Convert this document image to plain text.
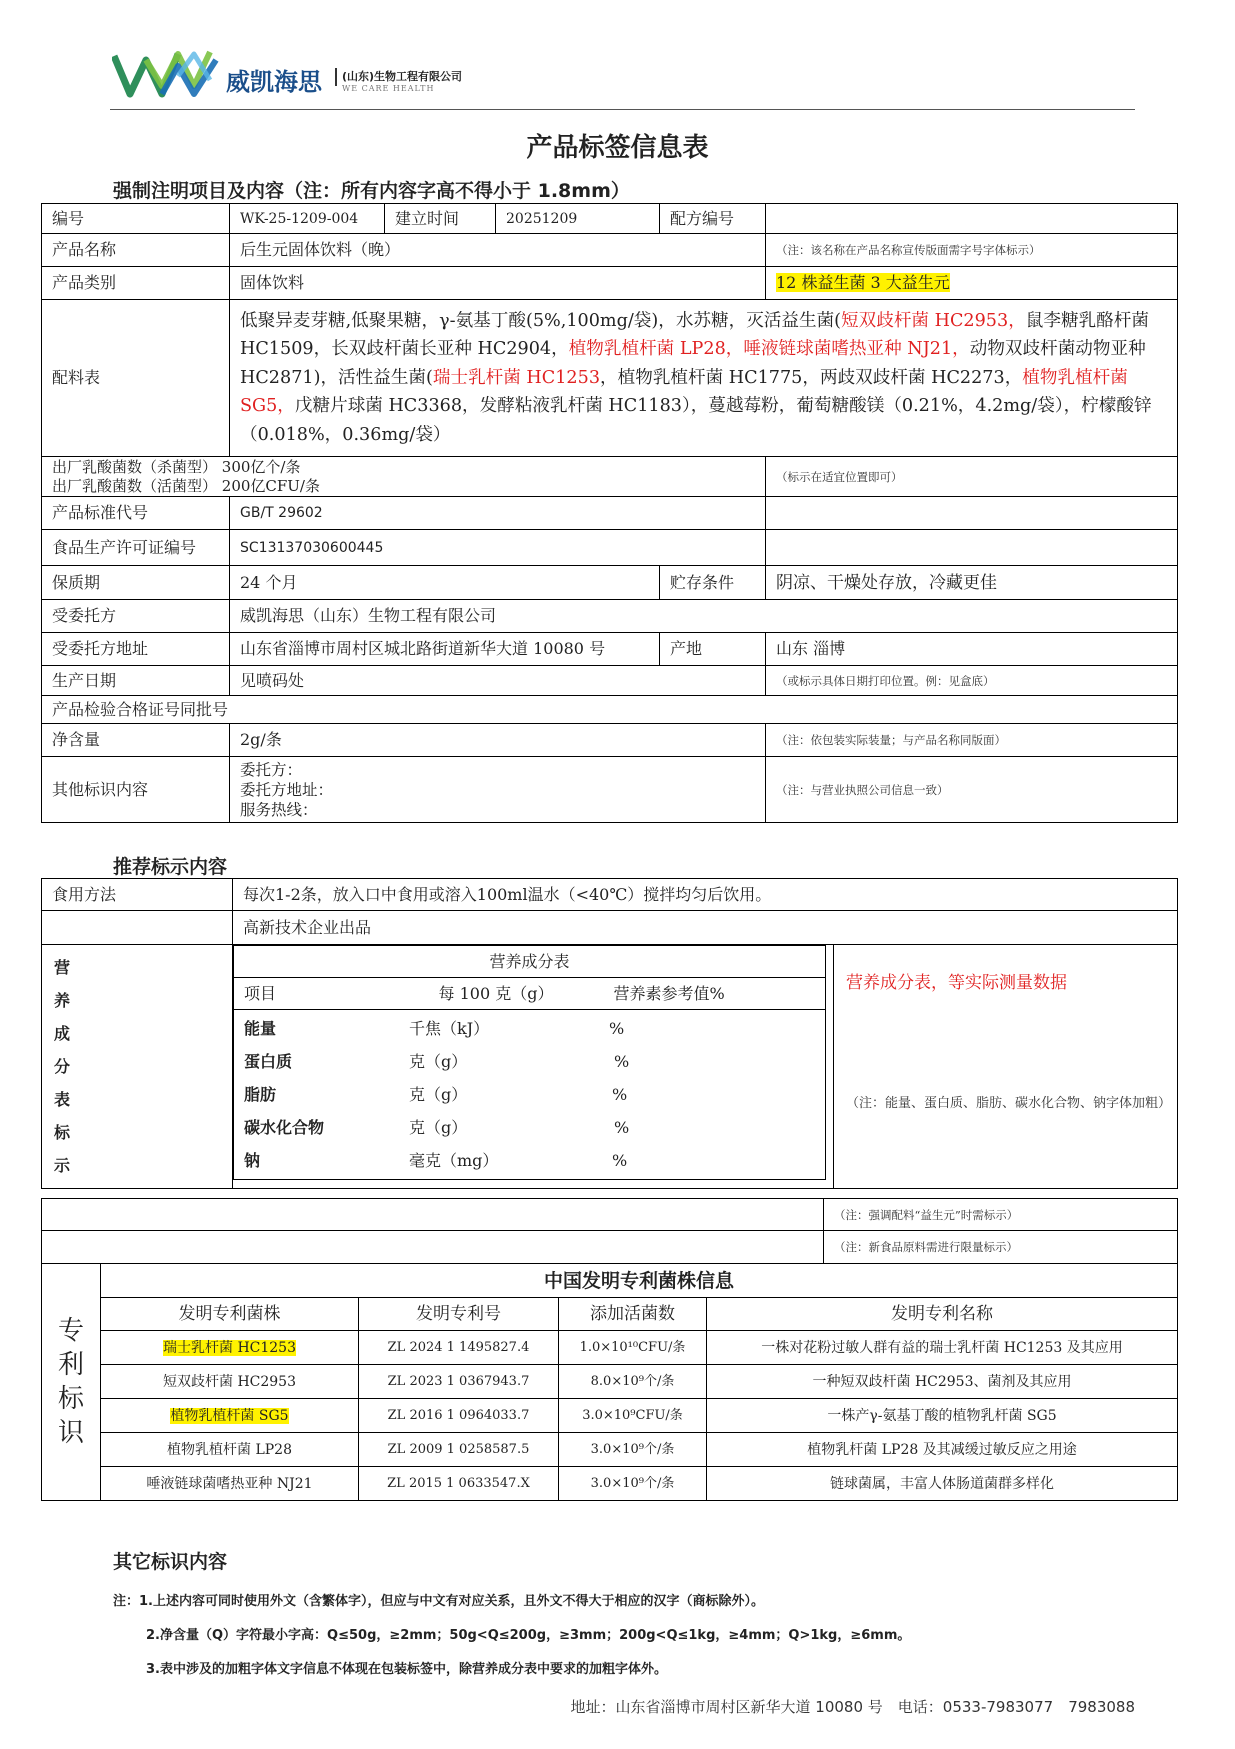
威凯海思 (山东)生物工程有限公司
WE CARE HEALTH
产品标签信息表
强制注明项目及内容（注：所有内容字高不得小于 1.8mm）
编号	WK-25-1209-004	建立时间	20251209	配方编号	
产品名称	后生元固体饮料（晚）				（注：该名称在产品名称宣传版面需字号字体标示）
产品类别	固体饮料				12 株益生菌 3 大益生元
配料表	低聚异麦芽糖,低聚果糖，γ-氨基丁酸(5%,100mg/袋)，水苏糖，灭活益生菌(短双歧杆菌 HC2953，鼠李糖乳酪杆菌 HC1509，长双歧杆菌长亚种 HC2904，植物乳植杆菌 LP28，唾液链球菌嗜热亚种 NJ21，动物双歧杆菌动物亚种 HC2871)，活性益生菌(瑞士乳杆菌 HC1253，植物乳植杆菌 HC1775，两歧双歧杆菌 HC2273，植物乳植杆菌 SG5，戊糖片球菌 HC3368，发酵粘液乳杆菌 HC1183），蔓越莓粉，葡萄糖酸镁（0.21%，4.2mg/袋），柠檬酸锌（0.018%，0.36mg/袋）				

出厂乳酸菌数（杀菌型） 300亿个/条
出厂乳酸菌数（活菌型） 200亿CFU/条					（标示在适宜位置即可）
产品标准代号	GB/T 29602				
食品生产许可证编号	SC13137030600445				
保质期	24 个月			贮存条件	阴凉、干燥处存放，冷藏更佳
受委托方	威凯海思（山东）生物工程有限公司				
受委托方地址	山东省淄博市周村区城北路街道新华大道 10080 号			产地	山东 淄博
生产日期	见喷码处				（或标示具体日期打印位置。例：见盒底）
产品检验合格证号同批号					
净含量	2g/条				（注：依包装实际装量；与产品名称同版面）
其他标识内容	委托方：
委托方地址：
服务热线：				（注：与营业执照公司信息一致）
推荐标示内容
食用方法	每次1-2条，放入口中食用或溶入100ml温水（<40℃）搅拌均匀后饮用。
	高新技术企业出品

营
养
成
分
表
标
示

营养成分表
项目	每 100 克（g）	营养素参考值%

能量	千焦（kJ）	%
蛋白质	克（g）	%
脂肪	克（g）	%
碳水化合物	克（g）	%
钠	毫克（mg）	%

营养成分表，等实际测量数据
（注：能量、蛋白质、脂肪、碳水化合物、钠字体加粗）
	（注：强调配料“益生元”时需标示）
	（注：新食品原料需进行限量标示）
专
利
标
识	中国发明专利菌株信息			
	发明专利菌株	发明专利号	添加活菌数	发明专利名称
	瑞士乳杆菌 HC1253	ZL 2024 1 1495827.4	1.0×10¹⁰CFU/条	一株对花粉过敏人群有益的瑞士乳杆菌 HC1253 及其应用
	短双歧杆菌 HC2953	ZL 2023 1 0367943.7	8.0×10⁹个/条	一种短双歧杆菌 HC2953、菌剂及其应用
	植物乳植杆菌 SG5	ZL 2016 1 0964033.7	3.0×10⁹CFU/条	一株产γ-氨基丁酸的植物乳杆菌 SG5
	植物乳植杆菌 LP28	ZL 2009 1 0258587.5	3.0×10⁹个/条	植物乳杆菌 LP28 及其减缓过敏反应之用途
	唾液链球菌嗜热亚种 NJ21	ZL 2015 1 0633547.X	3.0×10⁹个/条	链球菌属，丰富人体肠道菌群多样化
其它标识内容
注：1.上述内容可同时使用外文（含繁体字），但应与中文有对应关系，且外文不得大于相应的汉字（商标除外）。
2.净含量（Q）字符最小字高：Q≤50g，≥2mm；50g<Q≤200g，≥3mm；200g<Q≤1kg，≥4mm；Q>1kg，≥6mm。
3.表中涉及的加粗字体文字信息不体现在包装标签中，除营养成分表中要求的加粗字体外。
地址：山东省淄博市周村区新华大道 10080 号　 电话：0533-7983077　7983088
